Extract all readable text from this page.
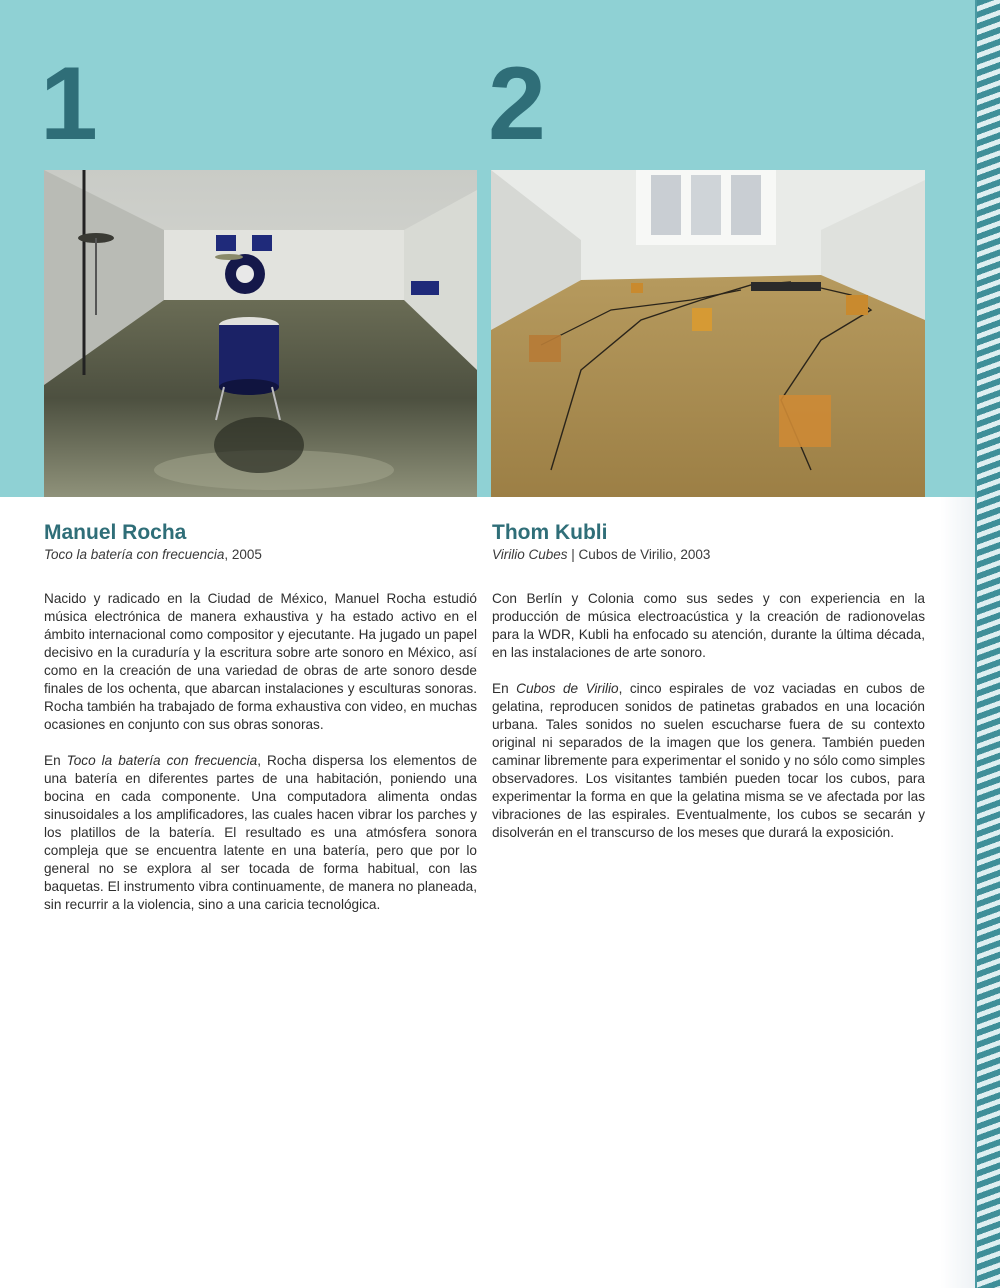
1	2
Manuel Rocha

Toco la batería con frecuencia, 2005

Nacido y radicado en la Ciudad de México, Manuel Rocha estudió música electrónica de manera exhaustiva y ha estado activo en el ámbito internacional como compositor y ejecutante. Ha jugado un papel decisivo en la curaduría y la escritura sobre arte sonoro en México, así como en la creación de una variedad de obras de arte sonoro desde finales de los ochenta, que abarcan instalaciones y esculturas sonoras. Rocha también ha trabajado de forma exhaustiva con video, en muchas ocasiones en conjunto con sus obras sonoras.

En Toco la batería con frecuencia, Rocha dispersa los elementos de una batería en diferentes partes de una habitación, poniendo una bocina en cada componente. Una computadora alimenta ondas sinusoidales a los amplificadores, las cuales hacen vibrar los parches y los platillos de la batería. El resultado es una atmósfera sonora compleja que se encuentra latente en una batería, pero que por lo general no se explora al ser tocada de forma habitual, con las baquetas. El instrumento vibra continuamente, de manera no planeada, sin recurrir a la violencia, sino a una caricia tecnológica.

Thom Kubli

Virilio Cubes | Cubos de Virilio, 2003

Con Berlín y Colonia como sus sedes y con experiencia en la producción de música electroacústica y la creación de radionovelas para la WDR, Kubli ha enfocado su atención, durante la última década, en las instalaciones de arte sonoro.

En Cubos de Virilio, cinco espirales de voz vaciadas en cubos de gelatina, reproducen sonidos de patinetas grabados en una locación urbana. Tales sonidos no suelen escucharse fuera de su contexto original ni separados de la imagen que los genera. También pueden caminar libremente para experimentar el sonido y no sólo como simples observadores. Los visitantes también pueden tocar los cubos, para experimentar la forma en que la gelatina misma se ve afectada por las vibraciones de las espirales. Eventualmente, los cubos se secarán y disolverán en el transcurso de los meses que durará la exposición.
